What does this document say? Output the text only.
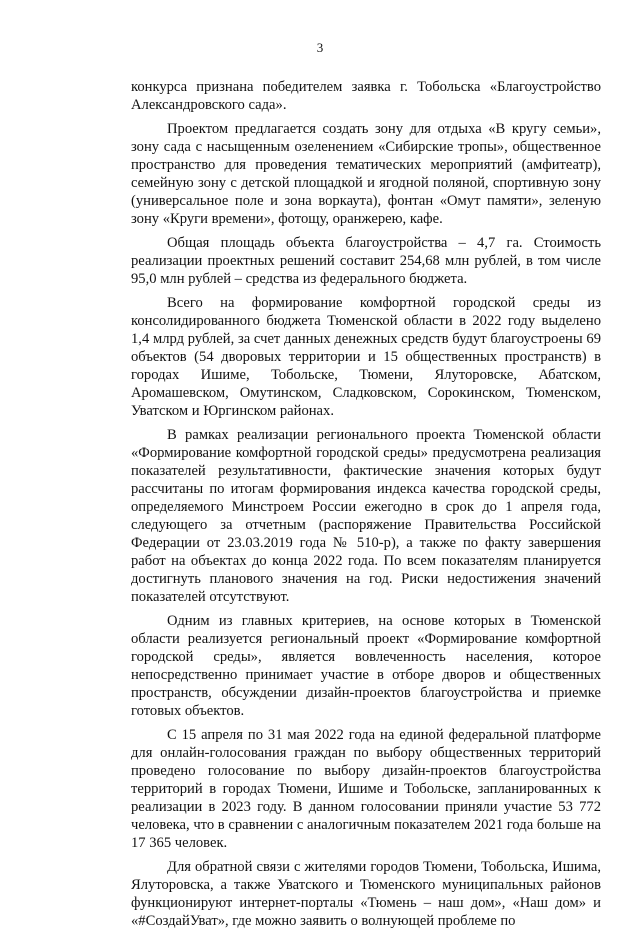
3

конкурса признана победителем заявка г. Тобольска «Благоустройство Александровского сада».

Проектом предлагается создать зону для отдыха «В кругу семьи», зону сада с насыщенным озеленением «Сибирские тропы», общественное пространство для проведения тематических мероприятий (амфитеатр), семейную зону с детской площадкой и ягодной поляной, спортивную зону (универсальное поле и зона воркаута), фонтан «Омут памяти», зеленую зону «Круги времени», фотощу, оранжерею, кафе.

Общая площадь объекта благоустройства – 4,7 га. Стоимость реализации проектных решений составит 254,68 млн рублей, в том числе 95,0 млн рублей – средства из федерального бюджета.

Всего на формирование комфортной городской среды из консолидированного бюджета Тюменской области в 2022 году выделено 1,4 млрд рублей, за счет данных денежных средств будут благоустроены 69 объектов (54 дворовых территории и 15 общественных пространств) в городах Ишиме, Тобольске, Тюмени, Ялуторовске, Абатском, Аромашевском, Омутинском, Сладковском, Сорокинском, Тюменском, Уватском и Юргинском районах.

В рамках реализации регионального проекта Тюменской области «Формирование комфортной городской среды» предусмотрена реализация показателей результативности, фактические значения которых будут рассчитаны по итогам формирования индекса качества городской среды, определяемого Минстроем России ежегодно в срок до 1 апреля года, следующего за отчетным (распоряжение Правительства Российской Федерации от 23.03.2019 года № 510-р), а также по факту завершения работ на объектах до конца 2022 года. По всем показателям планируется достигнуть планового значения на год. Риски недостижения значений показателей отсутствуют.

Одним из главных критериев, на основе которых в Тюменской области реализуется региональный проект «Формирование комфортной городской среды», является вовлеченность населения, которое непосредственно принимает участие в отборе дворов и общественных пространств, обсуждении дизайн-проектов благоустройства и приемке готовых объектов.

С 15 апреля по 31 мая 2022 года на единой федеральной платформе для онлайн-голосования граждан по выбору общественных территорий проведено голосование по выбору дизайн-проектов благоустройства территорий в городах Тюмени, Ишиме и Тобольске, запланированных к реализации в 2023 году. В данном голосовании приняли участие 53 772 человека, что в сравнении с аналогичным показателем 2021 года больше на 17 365 человек.

Для обратной связи с жителями городов Тюмени, Тобольска, Ишима, Ялуторовска, а также Уватского и Тюменского муниципальных районов функционируют интернет-порталы «Тюмень – наш дом», «Наш дом» и «#СоздайУват», где можно заявить о волнующей проблеме по
